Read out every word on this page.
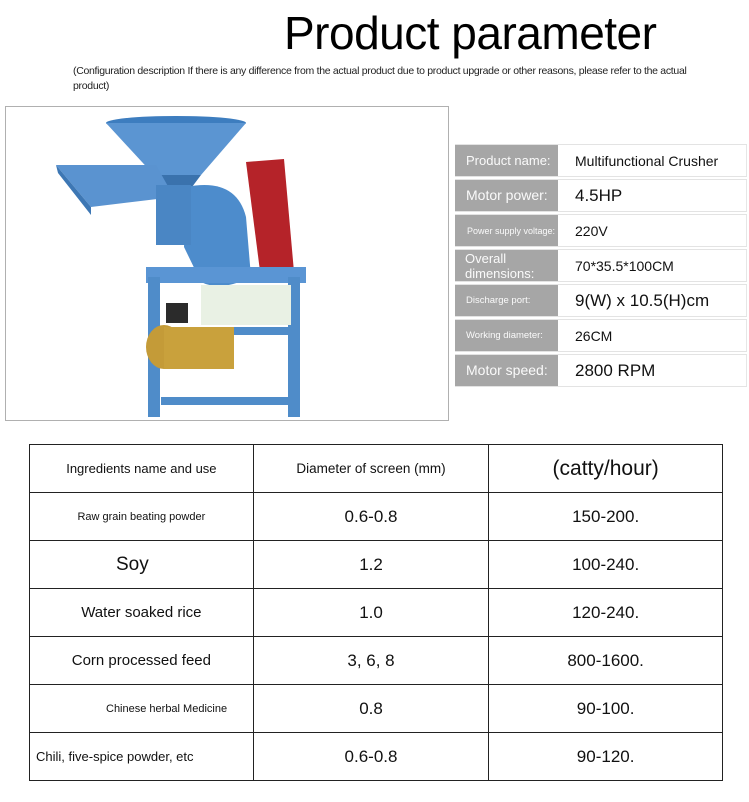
Product parameter
(Configuration description If there is any difference from the actual product due to product upgrade or other reasons, please refer to the actual product)
Product name:	Multifunctional Crusher
Motor power:	4.5HP
Power supply voltage:	220V
Overall dimensions:	70*35.5*100CM
Discharge port:	9(W) x 10.5(H)cm
Working diameter:	26CM
Motor speed:	2800 RPM
Ingredients name and use	Diameter of screen (mm)	(catty/hour)
Raw grain beating powder	0.6-0.8	150-200.
Soy	1.2	100-240.
Water soaked rice	1.0	120-240.
Corn processed feed	3, 6, 8	800-1600.
Chinese herbal Medicine	0.8	90-100.
Chili, five-spice powder, etc	0.6-0.8	90-120.
